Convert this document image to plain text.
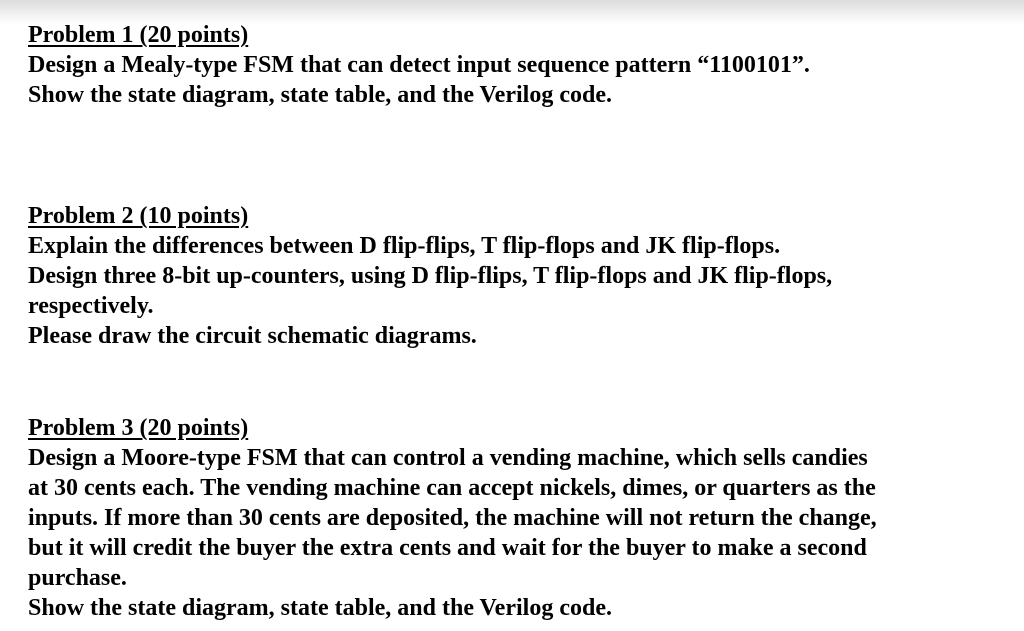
Problem 1 (20 points)
Design a Mealy-type FSM that can detect input sequence pattern “1100101”.
Show the state diagram, state table, and the Verilog code.
Problem 2 (10 points)
Explain the differences between D flip-flips, T flip-flops and JK flip-flops.
Design three 8-bit up-counters, using D flip-flips, T flip-flops and JK flip-flops,
respectively.
Please draw the circuit schematic diagrams.
Problem 3 (20 points)
Design a Moore-type FSM that can control a vending machine, which sells candies
at 30 cents each. The vending machine can accept nickels, dimes, or quarters as the
inputs. If more than 30 cents are deposited, the machine will not return the change,
but it will credit the buyer the extra cents and wait for the buyer to make a second
purchase.
Show the state diagram, state table, and the Verilog code.
